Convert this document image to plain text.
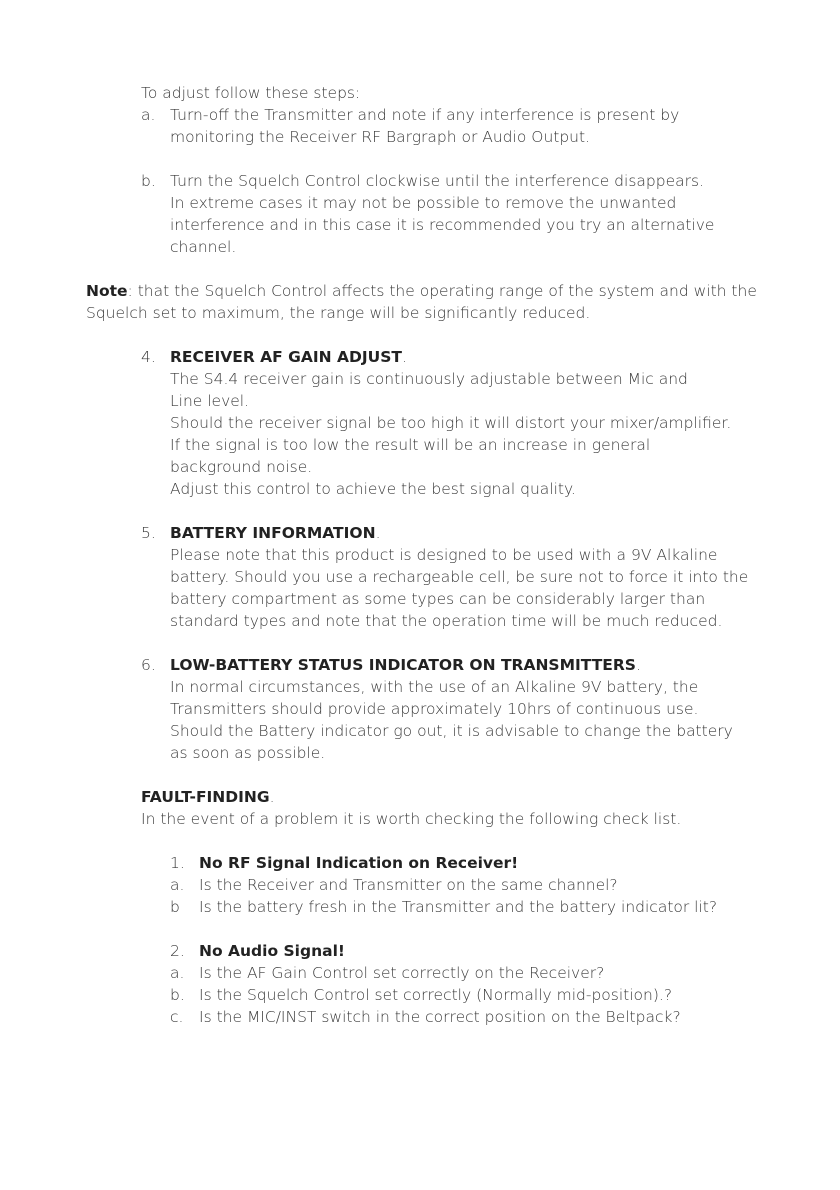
To adjust follow these steps:
a. Turn-off the Transmitter and note if any interference is present by
monitoring the Receiver RF Bargraph or Audio Output.
b. Turn the Squelch Control clockwise until the interference disappears.
In extreme cases it may not be possible to remove the unwanted
interference and in this case it is recommended you try an alternative
channel.
Note: that the Squelch Control affects the operating range of the system and with the
Squelch set to maximum, the range will be significantly reduced.
4. RECEIVER AF GAIN ADJUST.
The S4.4 receiver gain is continuously adjustable between Mic and
Line level.
Should the receiver signal be too high it will distort your mixer/amplifier.
If the signal is too low the result will be an increase in general
background noise.
Adjust this control to achieve the best signal quality.
5. BATTERY INFORMATION.
Please note that this product is designed to be used with a 9V Alkaline
battery. Should you use a rechargeable cell, be sure not to force it into the
battery compartment as some types can be considerably larger than
standard types and note that the operation time will be much reduced.
6. LOW-BATTERY STATUS INDICATOR ON TRANSMITTERS.
In normal circumstances, with the use of an Alkaline 9V battery, the
Transmitters should provide approximately 10hrs of continuous use.
Should the Battery indicator go out, it is advisable to change the battery
as soon as possible.
FAULT-FINDING.
In the event of a problem it is worth checking the following check list.
1. No RF Signal Indication on Receiver!
a. Is the Receiver and Transmitter on the same channel?
b Is the battery fresh in the Transmitter and the battery indicator lit?
2. No Audio Signal!
a. Is the AF Gain Control set correctly on the Receiver?
b. Is the Squelch Control set correctly (Normally mid-position).?
c. Is the MIC/INST switch in the correct position on the Beltpack?
